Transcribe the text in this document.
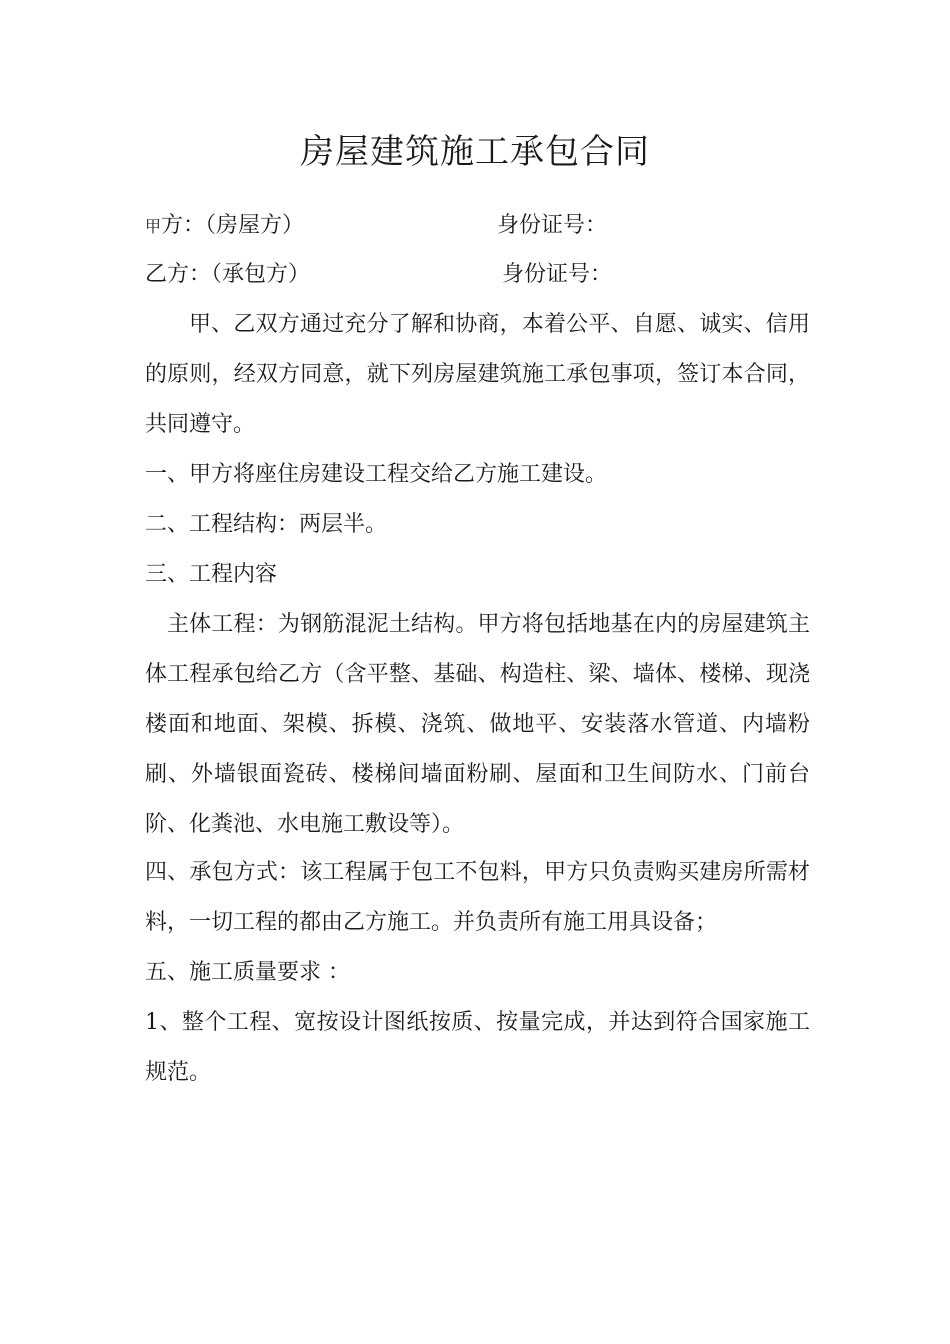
房屋建筑施工承包合同
甲方：（房屋方）	身份证号：
乙方：（承包方）	身份证号：
甲、乙双方通过充分了解和协商，本着公平、自愿、诚实、信用的原则，经双方同意，就下列房屋建筑施工承包事项，签订本合同，共同遵守。
一、甲方将座住房建设工程交给乙方施工建设。
二、工程结构：两层半。
三、工程内容
主体工程：为钢筋混泥土结构。甲方将包括地基在内的房屋建筑主体工程承包给乙方（含平整、基础、构造柱、梁、墙体、楼梯、现浇楼面和地面、架模、拆模、浇筑、做地平、安装落水管道、内墙粉刷、外墙银面瓷砖、楼梯间墙面粉刷、屋面和卫生间防水、门前台阶、化粪池、水电施工敷设等）。
四、承包方式：该工程属于包工不包料，甲方只负责购买建房所需材料，一切工程的都由乙方施工。并负责所有施工用具设备；
五、施工质量要求 ：
1、整个工程、宽按设计图纸按质、按量完成，并达到符合国家施工规范。
